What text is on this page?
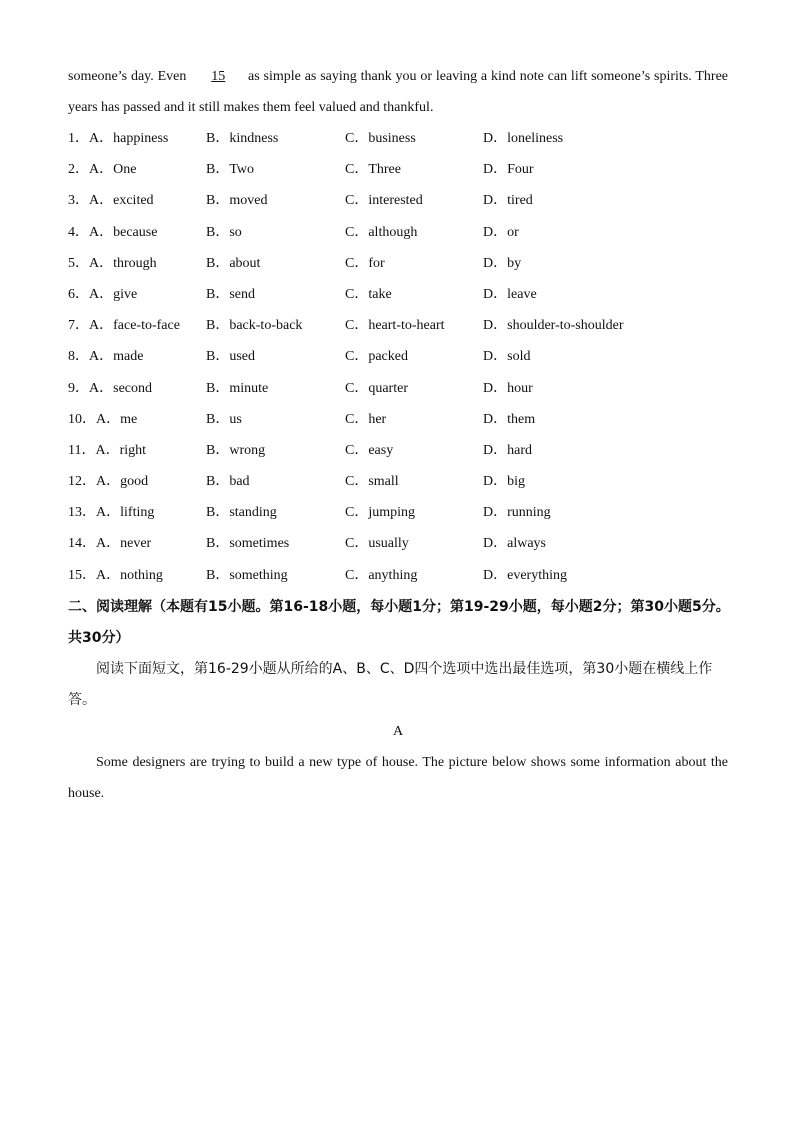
someone’s day. Even 15 as simple as saying thank you or leaving a kind note can lift someone’s spirits. Three years has passed and it still makes them feel valued and thankful.
1．A．happiness	B．kindness	C．business	D．loneliness
2．A．One	B．Two	C．Three	D．Four
3．A．excited	B．moved	C．interested	D．tired
4．A．because	B．so	C．although	D．or
5．A．through	B．about	C．for	D．by
6．A．give	B．send	C．take	D．leave
7．A．face-to-face B．back-to-back	C．heart-to-heart	D．shoulder-to-shoulder
8．A．made	B．used	C．packed	D．sold
9．A．second	B．minute	C．quarter	D．hour
10．A．me	B．us	C．her	D．them
11．A．right	B．wrong	C．easy	D．hard
12．A．good	B．bad	C．small	D．big
13．A．lifting	B．standing	C．jumping	D．running
14．A．never	B．sometimes	C．usually	D．always
15．A．nothing	B．something	C．anything	D．everything
二、阅读理解（本题有15小题。第16-18小题，每小题1分；第19-29小题，每小题2分；第30小题5分。共30分）
阅读下面短文，第16-29小题从所给的A、B、C、D四个选项中选出最佳选项，第30小题在横线上作答。
A
Some designers are trying to build a new type of house. The picture below shows some information about the house.
